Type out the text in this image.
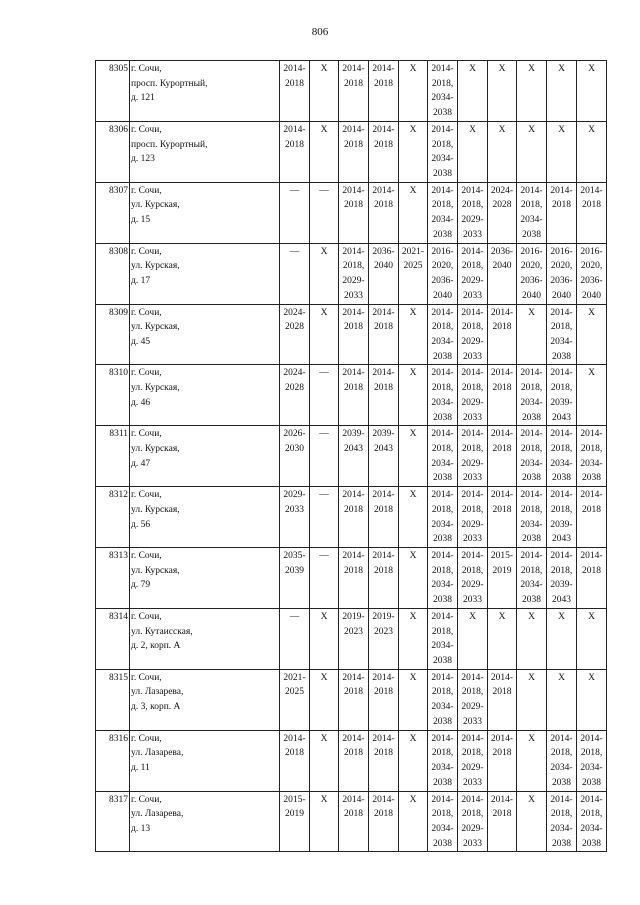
806
8305	г. Сочи,
просп. Курортный,
д. 121	2014-
2018	X	2014-
2018	2014-
2018	X	2014-
2018,
2034-
2038	X	X	X	X	X

8306	г. Сочи,
просп. Курортный,
д. 123	2014-
2018	X	2014-
2018	2014-
2018	X	2014-
2018,
2034-
2038	X	X	X	X	X

8307	г. Сочи,
ул. Курская,
д. 15	—	—	2014-
2018	2014-
2018	X	2014-
2018,
2034-
2038	2014-
2018,
2029-
2033	2024-
2028	2014-
2018,
2034-
2038	2014-
2018	2014-
2018

8308	г. Сочи,
ул. Курская,
д. 17	—	X	2014-
2018,
2029-
2033	2036-
2040	2021-
2025	2016-
2020,
2036-
2040	2014-
2018,
2029-
2033	2036-
2040	2016-
2020,
2036-
2040	2016-
2020,
2036-
2040	2016-
2020,
2036-
2040

8309	г. Сочи,
ул. Курская,
д. 45	2024-
2028	X	2014-
2018	2014-
2018	X	2014-
2018,
2034-
2038	2014-
2018,
2029-
2033	2014-
2018	X	2014-
2018,
2034-
2038	X

8310	г. Сочи,
ул. Курская,
д. 46	2024-
2028	—	2014-
2018	2014-
2018	X	2014-
2018,
2034-
2038	2014-
2018,
2029-
2033	2014-
2018	2014-
2018,
2034-
2038	2014-
2018,
2039-
2043	X

8311	г. Сочи,
ул. Курская,
д. 47	2026-
2030	—	2039-
2043	2039-
2043	X	2014-
2018,
2034-
2038	2014-
2018,
2029-
2033	2014-
2018	2014-
2018,
2034-
2038	2014-
2018,
2034-
2038	2014-
2018,
2034-
2038

8312	г. Сочи,
ул. Курская,
д. 56	2029-
2033	—	2014-
2018	2014-
2018	X	2014-
2018,
2034-
2038	2014-
2018,
2029-
2033	2014-
2018	2014-
2018,
2034-
2038	2014-
2018,
2039-
2043	2014-
2018

8313	г. Сочи,
ул. Курская,
д. 79	2035-
2039	—	2014-
2018	2014-
2018	X	2014-
2018,
2034-
2038	2014-
2018,
2029-
2033	2015-
2019	2014-
2018,
2034-
2038	2014-
2018,
2039-
2043	2014-
2018

8314	г. Сочи,
ул. Кутаисская,
д. 2, корп. А	—	X	2019-
2023	2019-
2023	X	2014-
2018,
2034-
2038	X	X	X	X	X

8315	г. Сочи,
ул. Лазарева,
д. 3, корп. А	2021-
2025	X	2014-
2018	2014-
2018	X	2014-
2018,
2034-
2038	2014-
2018,
2029-
2033	2014-
2018	X	X	X

8316	г. Сочи,
ул. Лазарева,
д. 11	2014-
2018	X	2014-
2018	2014-
2018	X	2014-
2018,
2034-
2038	2014-
2018,
2029-
2033	2014-
2018	X	2014-
2018,
2034-
2038	2014-
2018,
2034-
2038

8317	г. Сочи,
ул. Лазарева,
д. 13	2015-
2019	X	2014-
2018	2014-
2018	X	2014-
2018,
2034-
2038	2014-
2018,
2029-
2033	2014-
2018	X	2014-
2018,
2034-
2038	2014-
2018,
2034-
2038
